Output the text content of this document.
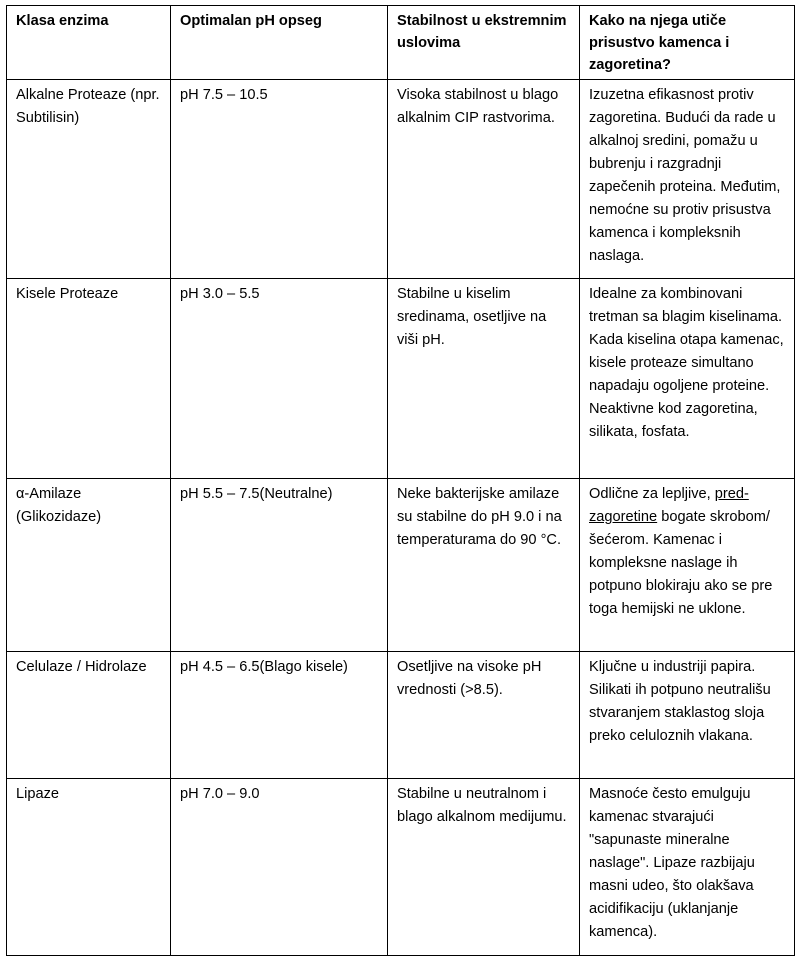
Klasa enzima	Optimalan pH opseg	Stabilnost u ekstremnim uslovima	Kako na njega utiče prisustvo kamenca i zagoretina?
Alkalne Proteaze (npr. Subtilisin)	pH 7.5 – 10.5	Visoka stabilnost u blago alkalnim CIP rastvorima.	Izuzetna efikasnost protiv zagoretina. Budući da rade u alkalnoj sredini, pomažu u bubrenju i razgradnji zapečenih proteina. Međutim, nemoćne su protiv prisustva kamenca i kompleksnih naslaga.
Kisele Proteaze	pH 3.0 – 5.5	Stabilne u kiselim sredinama, osetljive na viši pH.	Idealne za kombinovani tretman sa blagim kiselinama. Kada kiselina otapa kamenac, kisele proteaze simultano napadaju ogoljene proteine. Neaktivne kod zagoretina, silikata, fosfata.
α-Amilaze (Glikozidaze)	pH 5.5 – 7.5(Neutralne)	Neke bakterijske amilaze su stabilne do pH 9.0 i na temperaturama do 90 °C.	Odlične za lepljive, pred-zagoretine bogate skrobom/šećerom. Kamenac i kompleksne naslage ih potpuno blokiraju ako se pre toga hemijski ne uklone.
Celulaze / Hidrolaze	pH 4.5 – 6.5(Blago kisele)	Osetljive na visoke pH vrednosti (>8.5).	Ključne u industriji papira. Silikati ih potpuno neutrališu stvaranjem staklastog sloja preko celuloznih vlakana.
Lipaze	pH 7.0 – 9.0	Stabilne u neutralnom i blago alkalnom medijumu.	Masnoće često emulguju kamenac stvarajući "sapunaste mineralne naslage". Lipaze razbijaju masni udeo, što olakšava acidifikaciju (uklanjanje kamenca).
